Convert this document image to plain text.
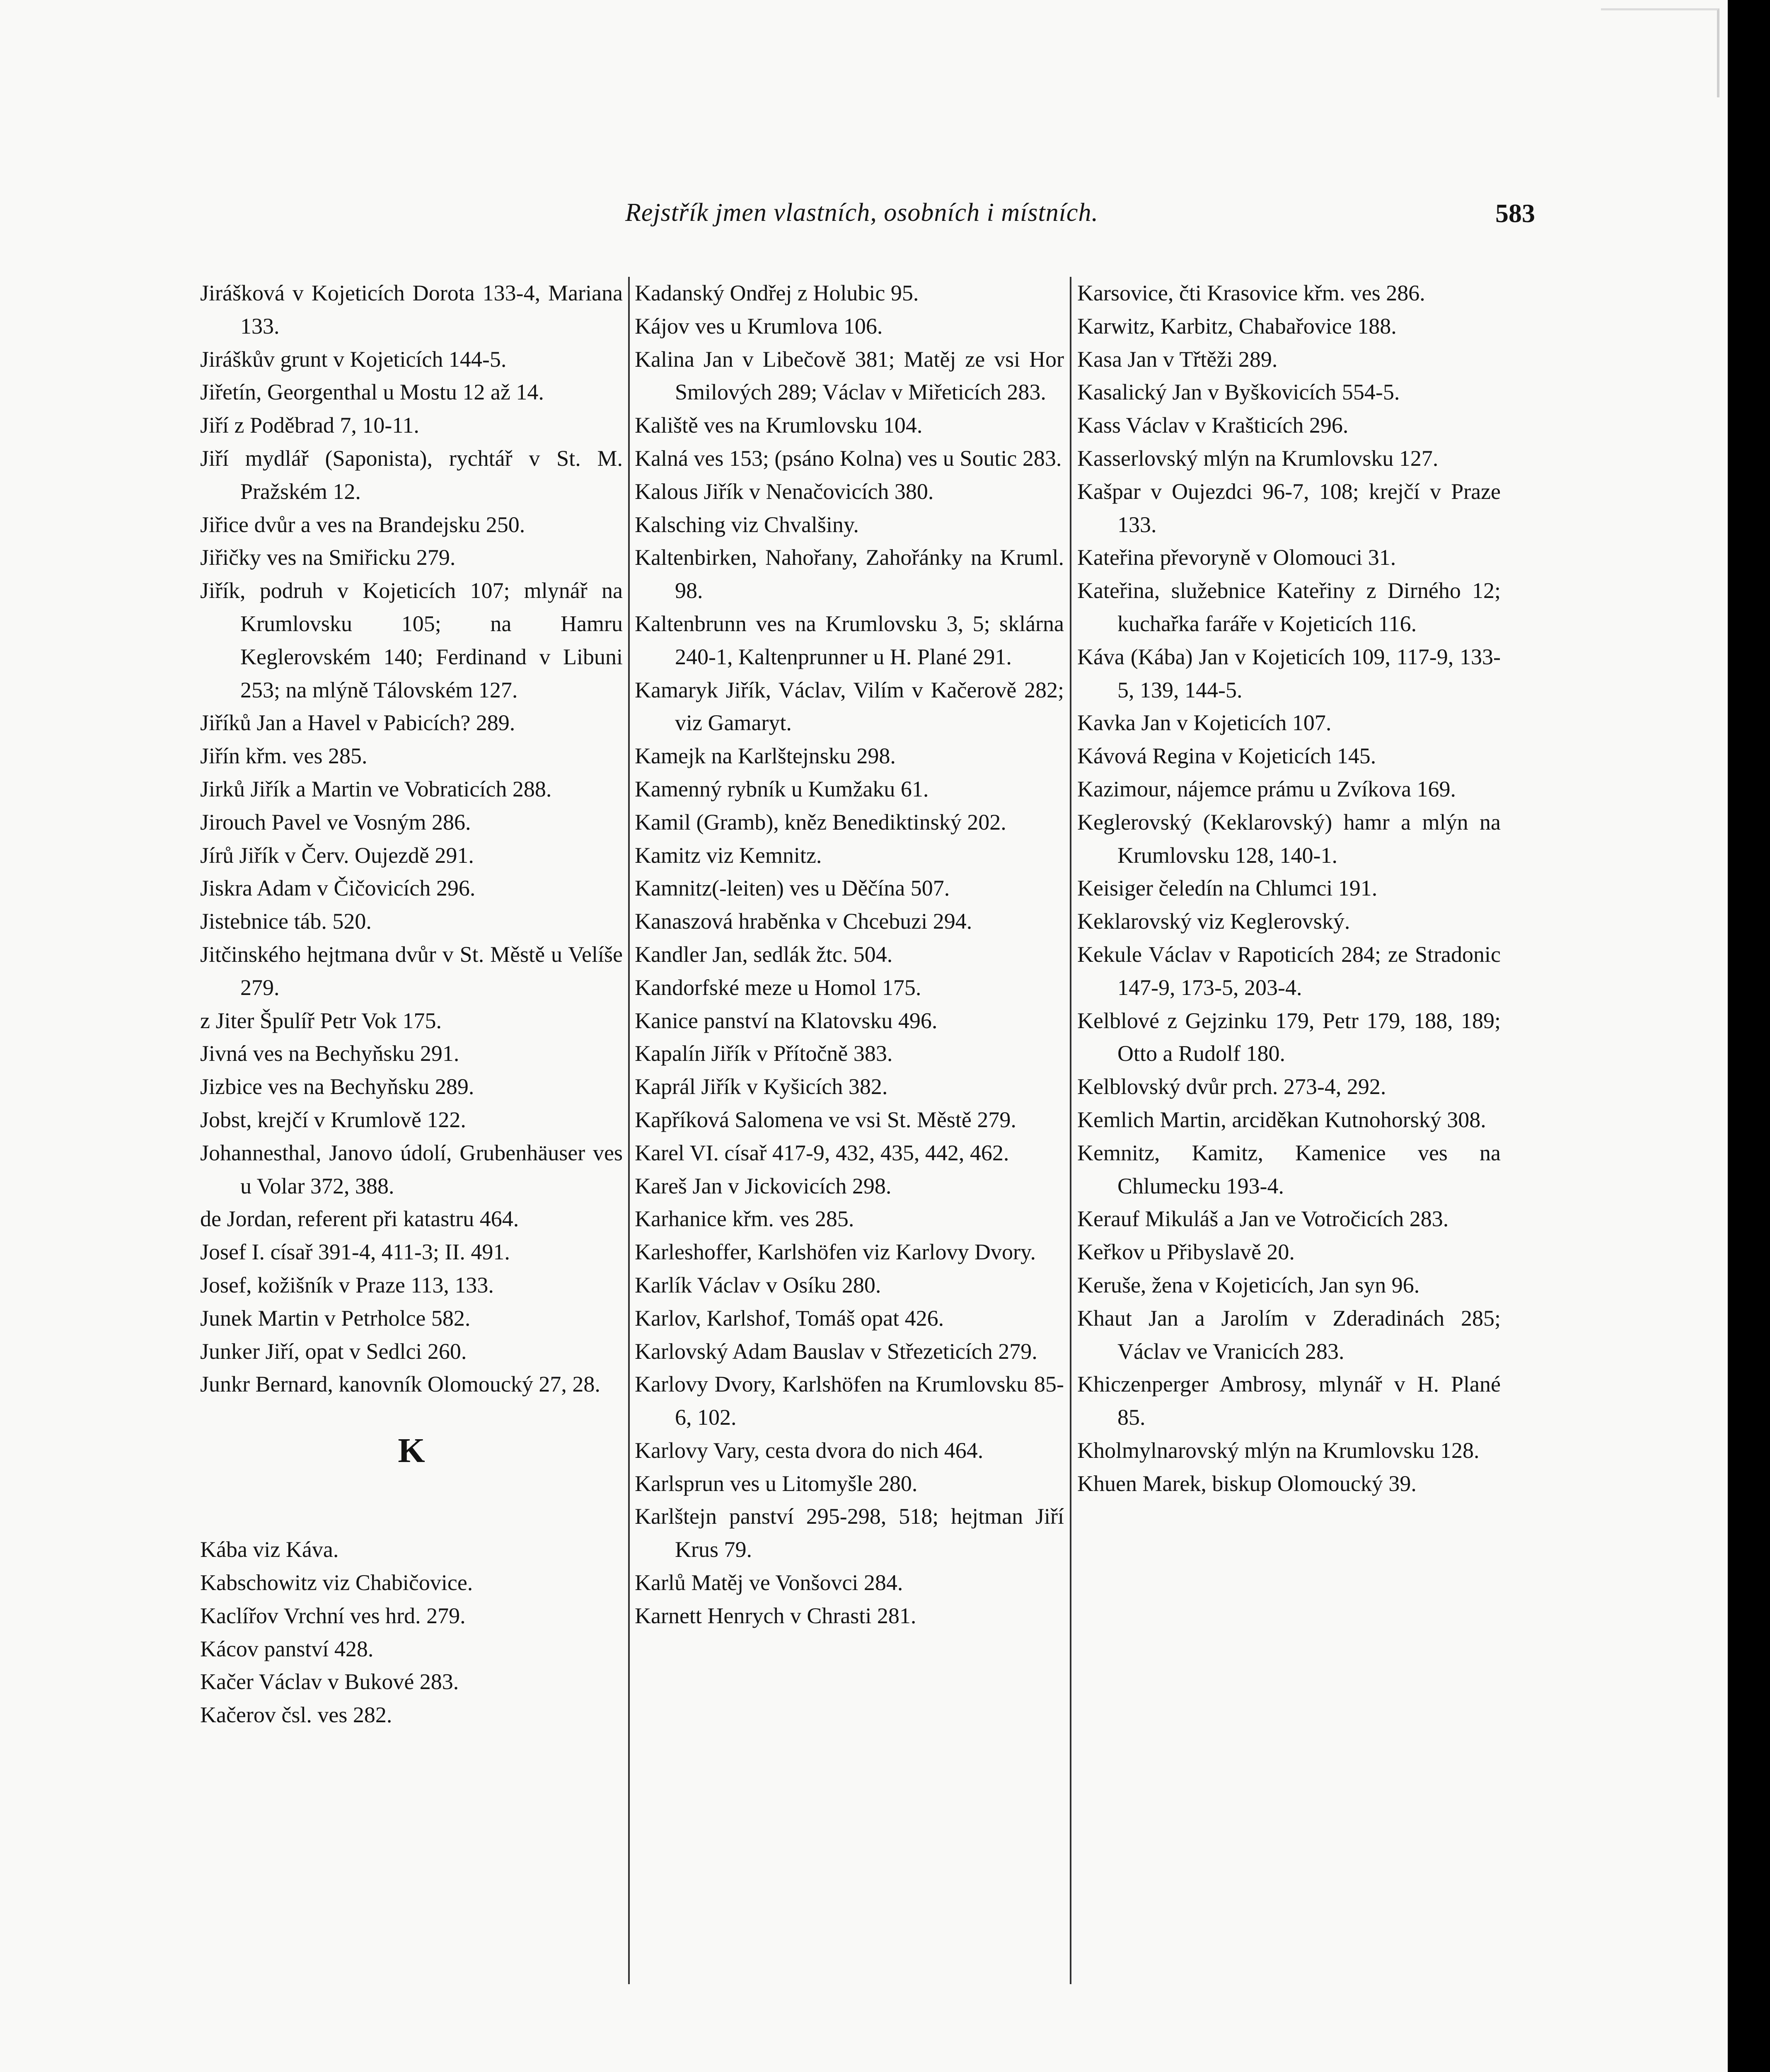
Rejstřík jmen vlastních, osobních i místních.	583
Jirášková v Kojeticích Dorota 133-4, Mariana 133.
Jiráškův grunt v Kojeticích 144-5.
Jiřetín, Georgenthal u Mostu 12 až 14.
Jiří z Poděbrad 7, 10-11.
Jiří mydlář (Saponista), rychtář v St. M. Pražském 12.
Jiřice dvůr a ves na Brandejsku 250.
Jiřičky ves na Smiřicku 279.
Jiřík, podruh v Kojeticích 107; mlynář na Krumlovsku 105; na Hamru Keglerovském 140; Ferdinand v Libuni 253; na mlýně Tálovském 127.
Jiříků Jan a Havel v Pabicích? 289.
Jiřín křm. ves 285.
Jirků Jiřík a Martin ve Vobraticích 288.
Jirouch Pavel ve Vosným 286.
Jírů Jiřík v Červ. Oujezdě 291.
Jiskra Adam v Čičovicích 296.
Jistebnice táb. 520.
Jitčinského hejtmana dvůr v St. Městě u Velíše 279.
z Jiter Špulíř Petr Vok 175.
Jivná ves na Bechyňsku 291.
Jizbice ves na Bechyňsku 289.
Jobst, krejčí v Krumlově 122.
Johannesthal, Janovo údolí, Grubenhäuser ves u Volar 372, 388.
de Jordan, referent při katastru 464.
Josef I. císař 391-4, 411-3; II. 491.
Josef, kožišník v Praze 113, 133.
Junek Martin v Petrholce 582.
Junker Jiří, opat v Sedlci 260.
Junkr Bernard, kanovník Olomoucký 27, 28.
K
Kába viz Káva.
Kabschowitz viz Chabičovice.
Kaclířov Vrchní ves hrd. 279.
Kácov panství 428.
Kačer Václav v Bukové 283.
Kačerov čsl. ves 282.
Kadanský Ondřej z Holubic 95.
Kájov ves u Krumlova 106.
Kalina Jan v Libečově 381; Matěj ze vsi Hor Smilových 289; Václav v Miřeticích 283.
Kaliště ves na Krumlovsku 104.
Kalná ves 153; (psáno Kolna) ves u Soutic 283.
Kalous Jiřík v Nenačovicích 380.
Kalsching viz Chvalšiny.
Kaltenbirken, Nahořany, Zahořánky na Kruml. 98.
Kaltenbrunn ves na Krumlovsku 3, 5; sklárna 240-1, Kaltenprunner u H. Plané 291.
Kamaryk Jiřík, Václav, Vilím v Kačerově 282; viz Gamaryt.
Kamejk na Karlštejnsku 298.
Kamenný rybník u Kumžaku 61.
Kamil (Gramb), kněz Benediktinský 202.
Kamitz viz Kemnitz.
Kamnitz(-leiten) ves u Děčína 507.
Kanaszová hraběnka v Chcebuzi 294.
Kandler Jan, sedlák žtc. 504.
Kandorfské meze u Homol 175.
Kanice panství na Klatovsku 496.
Kapalín Jiřík v Přítočně 383.
Kaprál Jiřík v Kyšicích 382.
Kapříková Salomena ve vsi St. Městě 279.
Karel VI. císař 417-9, 432, 435, 442, 462.
Kareš Jan v Jickovicích 298.
Karhanice křm. ves 285.
Karleshoffer, Karlshöfen viz Karlovy Dvory.
Karlík Václav v Osíku 280.
Karlov, Karlshof, Tomáš opat 426.
Karlovský Adam Bauslav v Střezeticích 279.
Karlovy Dvory, Karlshöfen na Krumlovsku 85-6, 102.
Karlovy Vary, cesta dvora do nich 464.
Karlsprun ves u Litomyšle 280.
Karlštejn panství 295-298, 518; hejtman Jiří Krus 79.
Karlů Matěj ve Vonšovci 284.
Karnett Henrych v Chrasti 281.
Karsovice, čti Krasovice křm. ves 286.
Karwitz, Karbitz, Chabařovice 188.
Kasa Jan v Třtěži 289.
Kasalický Jan v Byškovicích 554-5.
Kass Václav v Krašticích 296.
Kasserlovský mlýn na Krumlovsku 127.
Kašpar v Oujezdci 96-7, 108; krejčí v Praze 133.
Kateřina převoryně v Olomouci 31.
Kateřina, služebnice Kateřiny z Dirného 12; kuchařka faráře v Kojeticích 116.
Káva (Kába) Jan v Kojeticích 109, 117-9, 133-5, 139, 144-5.
Kavka Jan v Kojeticích 107.
Kávová Regina v Kojeticích 145.
Kazimour, nájemce prámu u Zvíkova 169.
Keglerovský (Keklarovský) hamr a mlýn na Krumlovsku 128, 140-1.
Keisiger čeledín na Chlumci 191.
Keklarovský viz Keglerovský.
Kekule Václav v Rapoticích 284; ze Stradonic 147-9, 173-5, 203-4.
Kelblové z Gejzinku 179, Petr 179, 188, 189; Otto a Rudolf 180.
Kelblovský dvůr prch. 273-4, 292.
Kemlich Martin, arciděkan Kutnohorský 308.
Kemnitz, Kamitz, Kamenice ves na Chlumecku 193-4.
Kerauf Mikuláš a Jan ve Votročicích 283.
Keřkov u Přibyslavě 20.
Keruše, žena v Kojeticích, Jan syn 96.
Khaut Jan a Jarolím v Zderadinách 285; Václav ve Vranicích 283.
Khiczenperger Ambrosy, mlynář v H. Plané 85.
Kholmylnarovský mlýn na Krumlovsku 128.
Khuen Marek, biskup Olomoucký 39.
